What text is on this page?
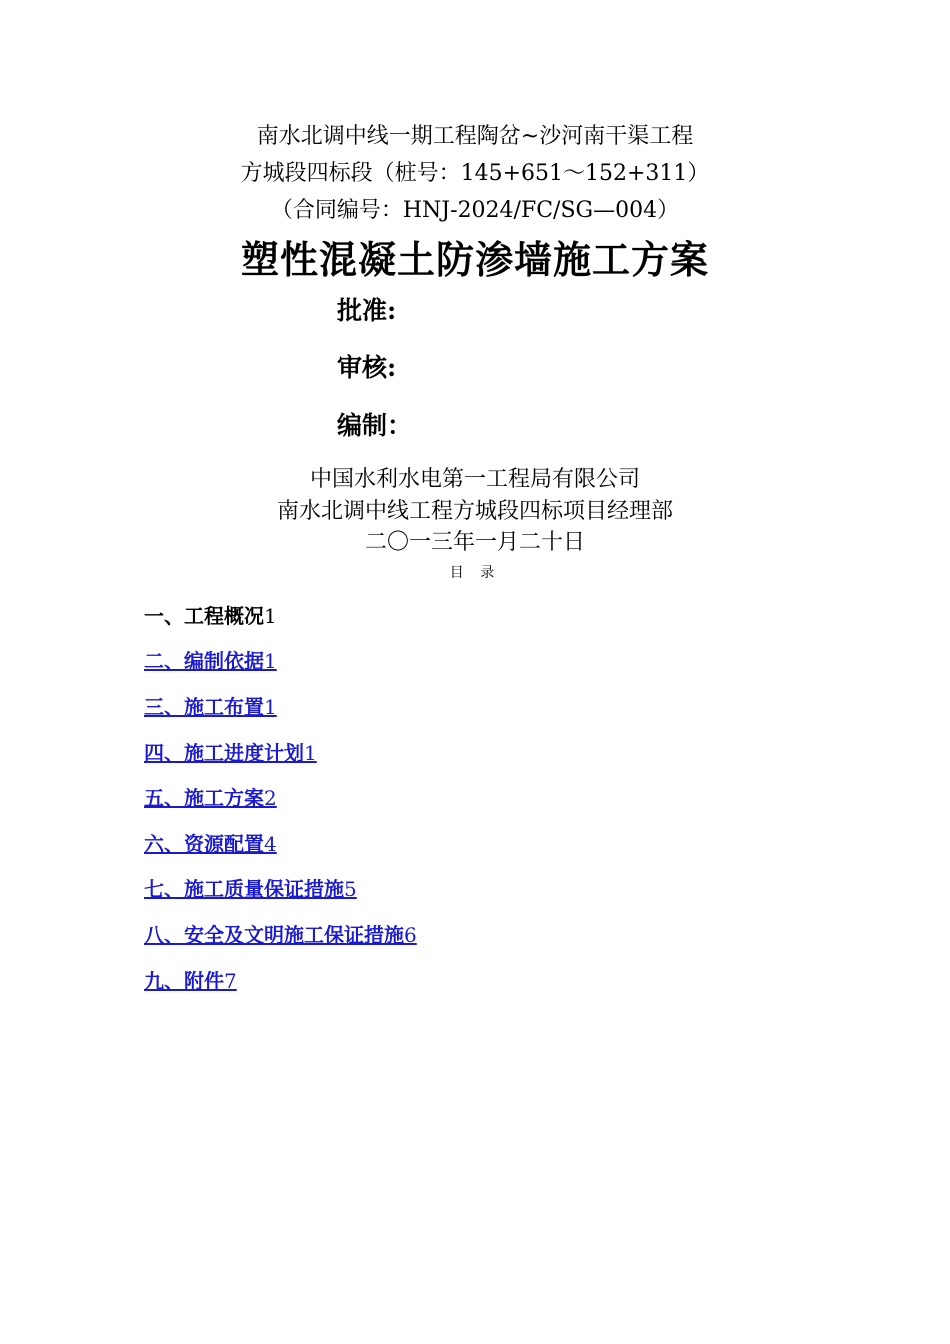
南水北调中线一期工程陶岔~沙河南干渠工程
方城段四标段（桩号：145+651～152+311）
（合同编号：HNJ-2024/FC/SG—004）
塑性混凝土防渗墙施工方案
批准:
审核:
编制：
中国水利水电第一工程局有限公司
南水北调中线工程方城段四标项目经理部
二〇一三年一月二十日
目 录
一、工程概况1
二、编制依据1
三、施工布置1
四、施工进度计划1
五、施工方案2
六、资源配置4
七、施工质量保证措施5
八、安全及文明施工保证措施6
九、附件7
